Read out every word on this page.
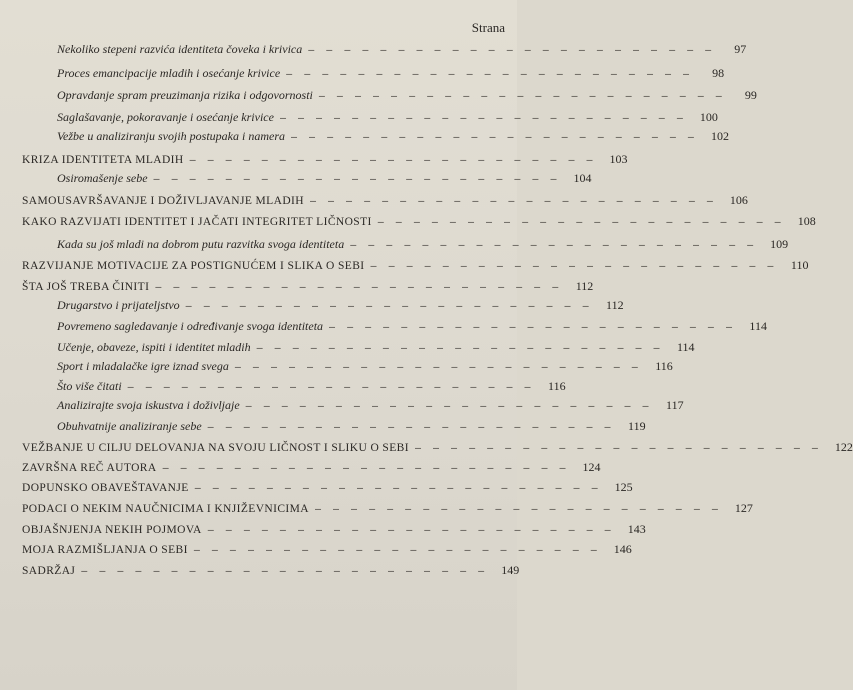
Strana
Nekoliko stepeni razvića identiteta čoveka i krivica — — — — — — — — — — — — — — — — — — — — — — —	97
Proces emancipacije mladih i osećanje krivice — — — — — — — — — — — — — — — — — — — — — — —	98
Opravdanje spram preuzimanja rizika i odgovornosti — — — — — — — — — — — — — — — — — — — — — — —	99
Saglašavanje, pokoravanje i osećanje krivice — — — — — — — — — — — — — — — — — — — — — — —	100
Vežbe u analiziranju svojih postupaka i namera — — — — — — — — — — — — — — — — — — — — — — —	102
KRIZA IDENTITETA MLADIH — — — — — — — — — — — — — — — — — — — — — — —	103
Osiromašenje sebe — — — — — — — — — — — — — — — — — — — — — — —	104
SAMOUSAVRŠAVANJE I DOŽIVLJAVANJE MLADIH — — — — — — — — — — — — — — — — — — — — — — —	106
KAKO RAZVIJATI IDENTITET I JAČATI INTEGRITET LIČNOSTI — — — — — — — — — — — — — — — — — — — — — — —	108
Kada su još mladi na dobrom putu razvitka svoga identiteta — — — — — — — — — — — — — — — — — — — — — — —	109
RAZVIJANJE MOTIVACIJE ZA POSTIGNUĆEM I SLIKA O SEBI — — — — — — — — — — — — — — — — — — — — — — —	110
ŠTA JOŠ TREBA ČINITI — — — — — — — — — — — — — — — — — — — — — — —	112
Drugarstvo i prijateljstvo — — — — — — — — — — — — — — — — — — — — — — —	112
Povremeno sagledavanje i određivanje svoga identiteta — — — — — — — — — — — — — — — — — — — — — — —	114
Učenje, obaveze, ispiti i identitet mladih — — — — — — — — — — — — — — — — — — — — — — —	114
Sport i mladalačke igre iznad svega — — — — — — — — — — — — — — — — — — — — — — —	116
Što više čitati — — — — — — — — — — — — — — — — — — — — — — —	116
Analizirajte svoja iskustva i doživljaje — — — — — — — — — — — — — — — — — — — — — — —	117
Obuhvatnije analiziranje sebe — — — — — — — — — — — — — — — — — — — — — — —	119
VEŽBANJE U CILJU DELOVANJA NA SVOJU LIČNOST I SLIKU O SEBI — — — — — — — — — — — — — — — — — — — — — — —	122
ZAVRŠNA REČ AUTORA — — — — — — — — — — — — — — — — — — — — — — —	124
DOPUNSKO OBAVEŠTAVANJE — — — — — — — — — — — — — — — — — — — — — — —	125
PODACI O NEKIM NAUČNICIMA I KNJIŽEVNICIMA — — — — — — — — — — — — — — — — — — — — — — —	127
OBJAŠNJENJA NEKIH POJMOVA — — — — — — — — — — — — — — — — — — — — — — —	143
MOJA RAZMIŠLJANJA O SEBI — — — — — — — — — — — — — — — — — — — — — — —	146
SADRŽAJ — — — — — — — — — — — — — — — — — — — — — — —	149
